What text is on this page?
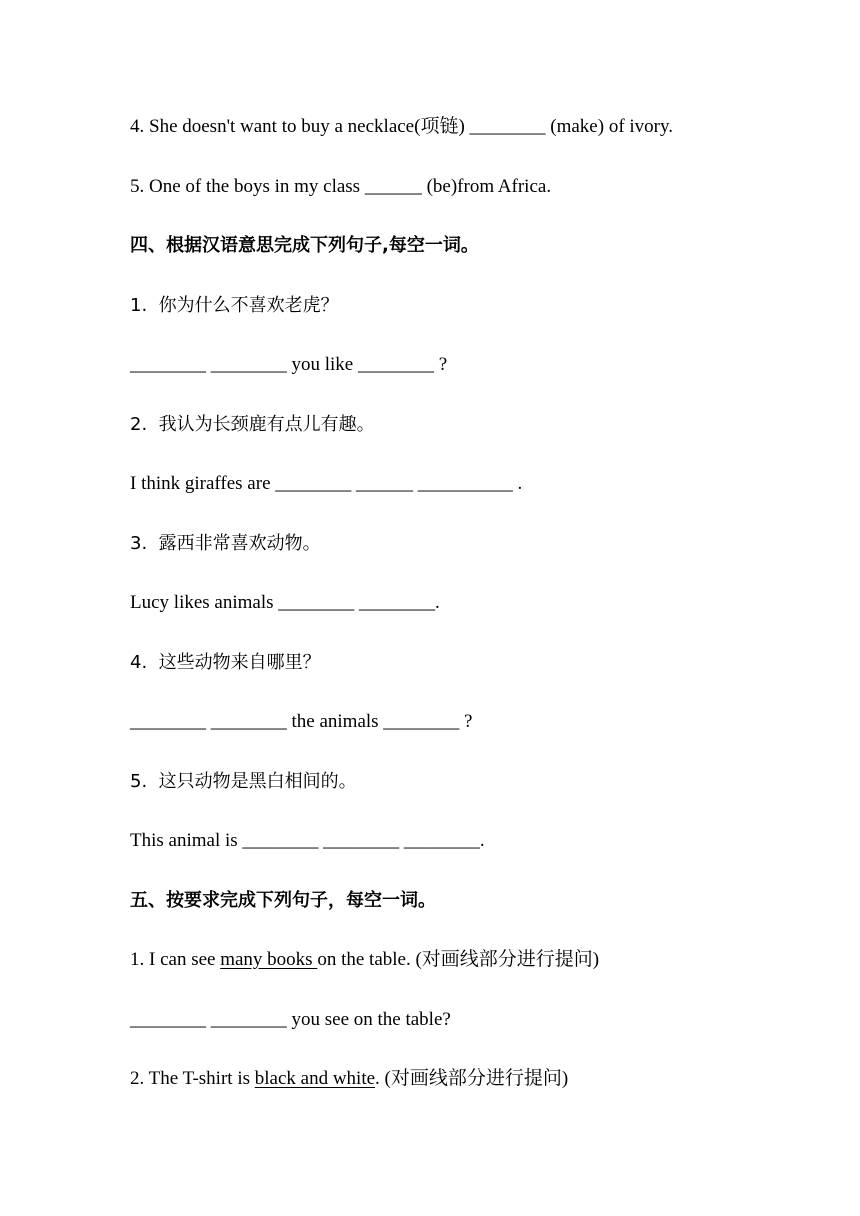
4. She doesn't want to buy a necklace(项链) ________ (make) of ivory.

5. One of the boys in my class ______ (be)from Africa.

四、根据汉语意思完成下列句子,每空一词。

1.  你为什么不喜欢老虎？

________ ________ you like ________ ?

2.  我认为长颈鹿有点儿有趣。

I think giraffes are ________ ______ __________ .

3.  露西非常喜欢动物。

Lucy likes animals ________ ________.

4.  这些动物来自哪里？

________ ________ the animals ________ ?

5.  这只动物是黑白相间的。

This animal is ________ ________ ________.

五、按要求完成下列句子，每空一词。

1. I can see many books on the table. (对画线部分进行提问)

________ ________ you see on the table?

2. The T-shirt is black and white. (对画线部分进行提问)
